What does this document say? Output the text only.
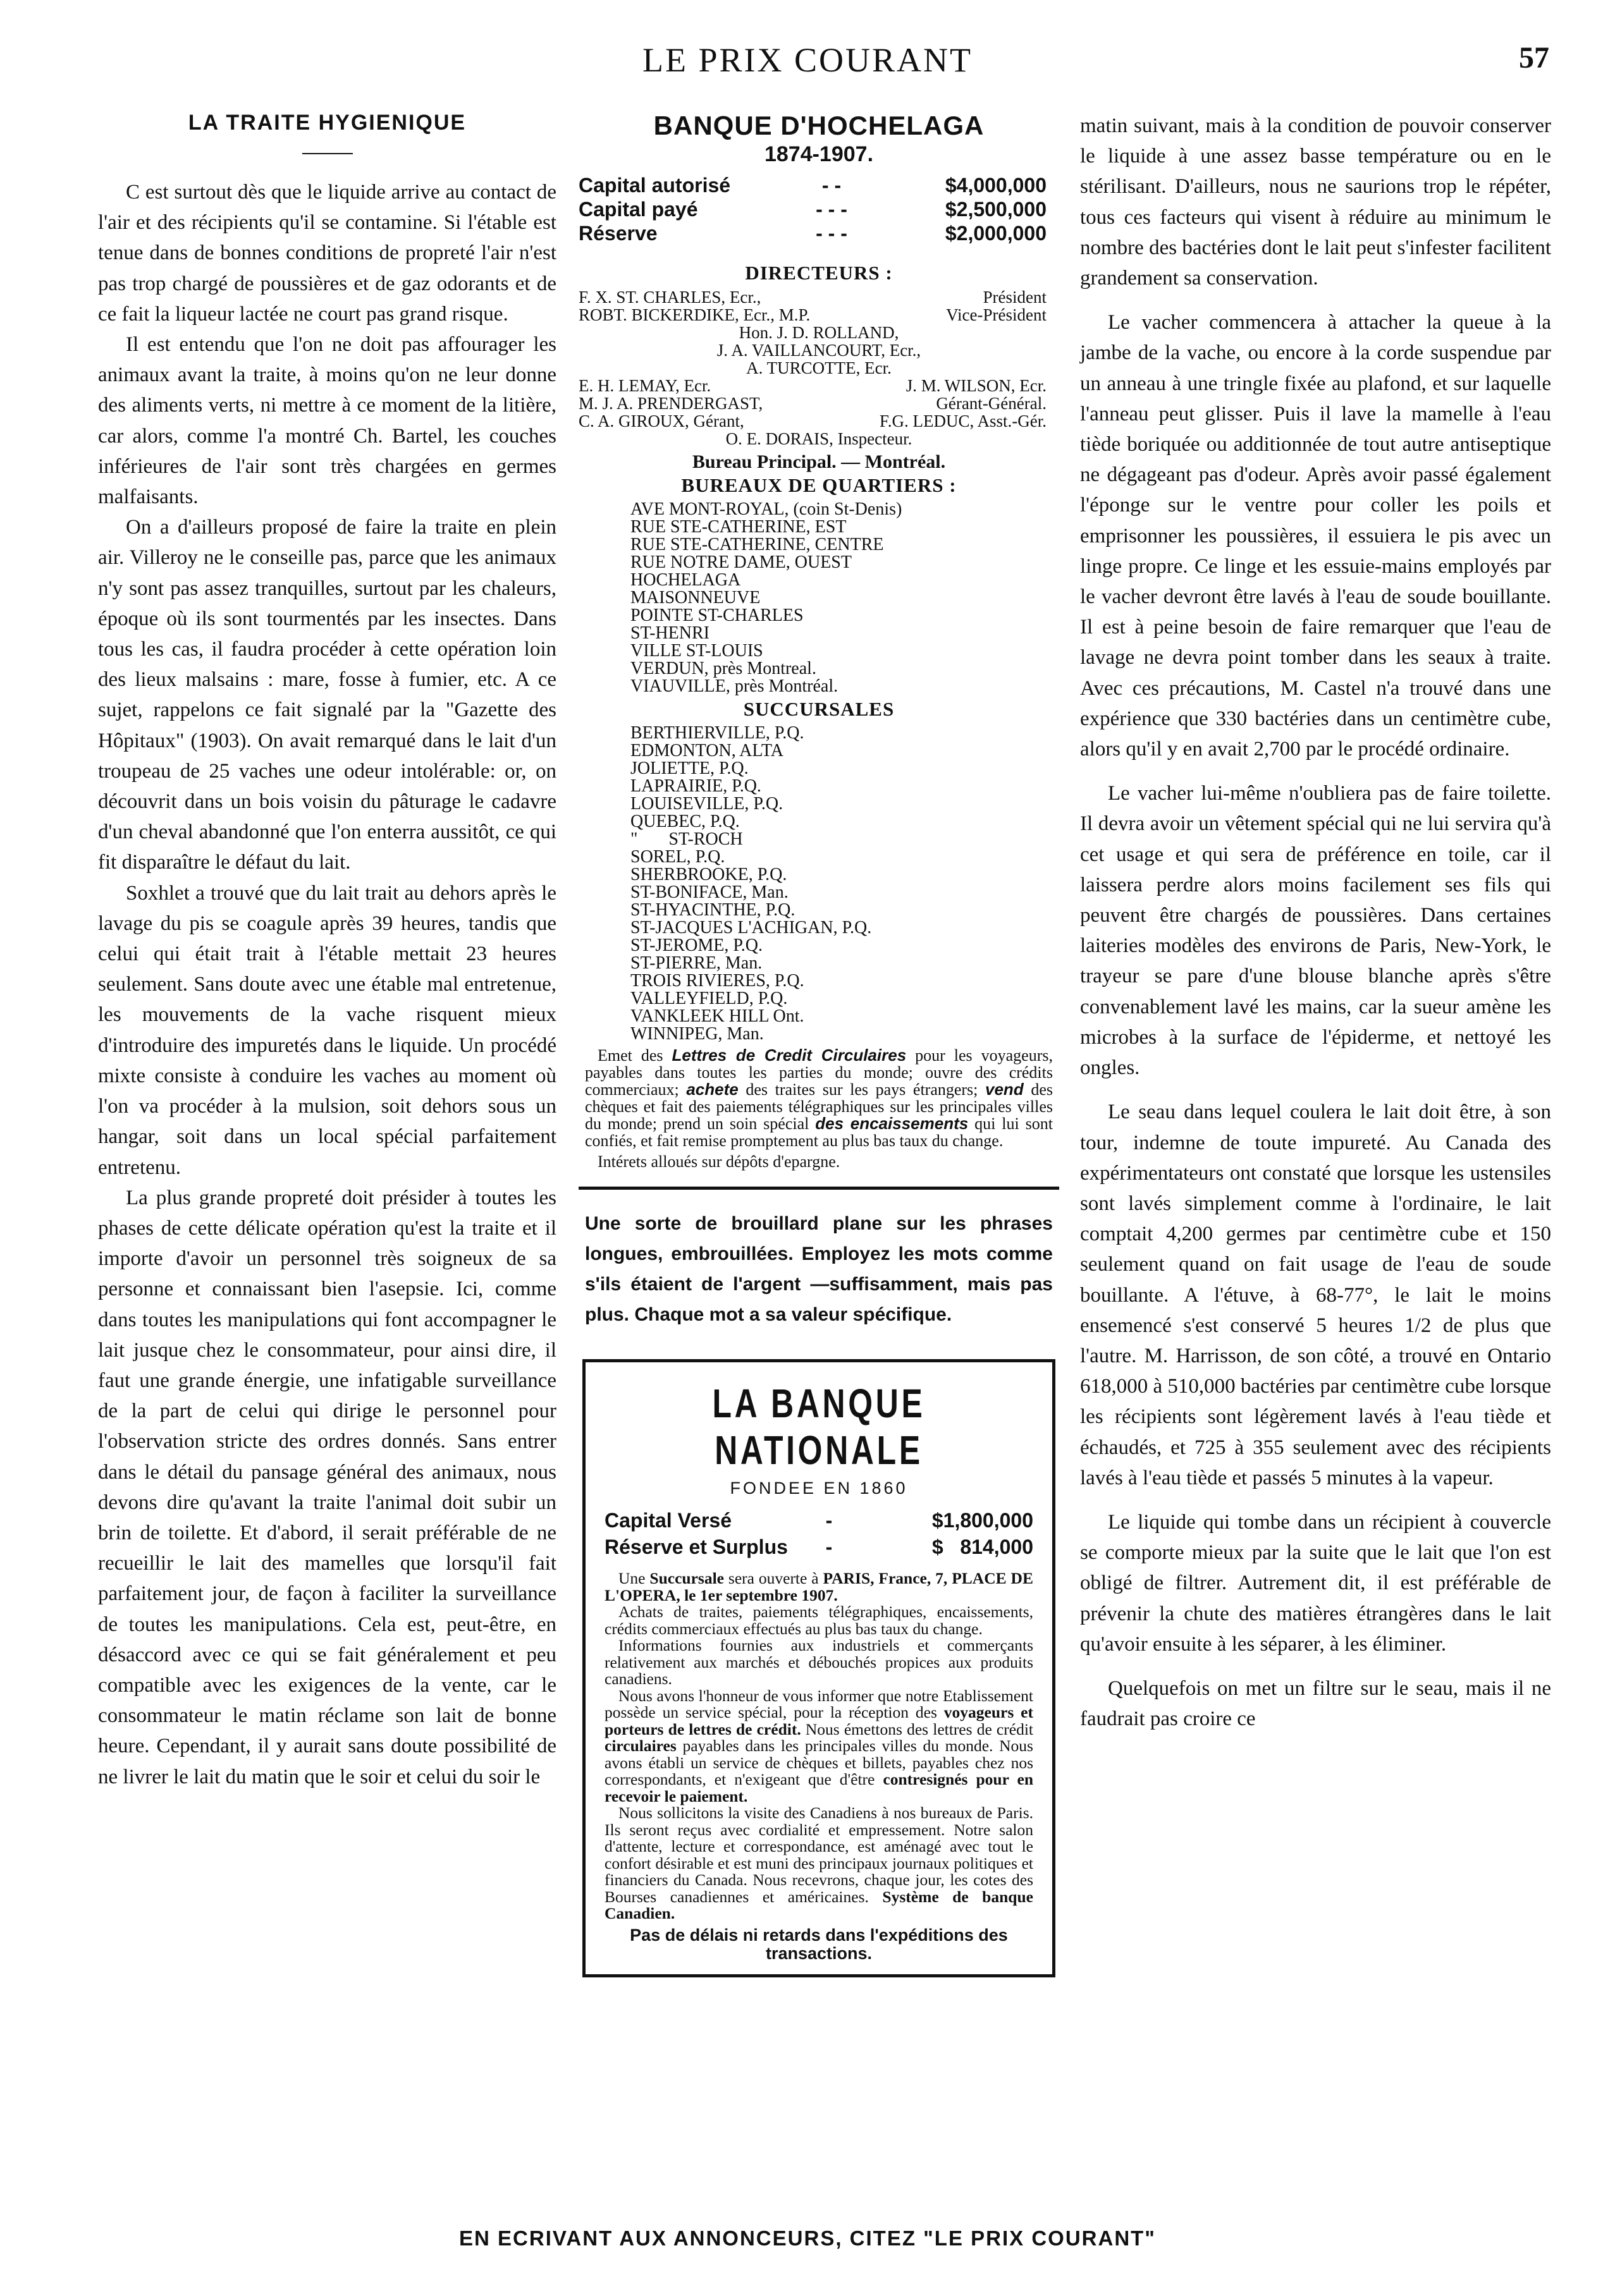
LE PRIX COURANT	57
LA TRAITE HYGIENIQUE

C est surtout dès que le liquide arrive au contact de l'air et des récipients qu'il se contamine. Si l'étable est tenue dans de bonnes conditions de propreté l'air n'est pas trop chargé de poussières et de gaz odorants et de ce fait la liqueur lactée ne court pas grand risque.

Il est entendu que l'on ne doit pas affourager les animaux avant la traite, à moins qu'on ne leur donne des aliments verts, ni mettre à ce moment de la litière, car alors, comme l'a montré Ch. Bartel, les couches inférieures de l'air sont très chargées en germes malfaisants.

On a d'ailleurs proposé de faire la traite en plein air. Villeroy ne le conseille pas, parce que les animaux n'y sont pas assez tranquilles, surtout par les chaleurs, époque où ils sont tourmentés par les insectes. Dans tous les cas, il faudra procéder à cette opération loin des lieux malsains : mare, fosse à fumier, etc. A ce sujet, rappelons ce fait signalé par la "Gazette des Hôpitaux" (1903). On avait remarqué dans le lait d'un troupeau de 25 vaches une odeur intolérable: or, on découvrit dans un bois voisin du pâturage le cadavre d'un cheval abandonné que l'on enterra aussitôt, ce qui fit disparaître le défaut du lait.

Soxhlet a trouvé que du lait trait au dehors après le lavage du pis se coagule après 39 heures, tandis que celui qui était trait à l'étable mettait 23 heures seulement. Sans doute avec une étable mal entretenue, les mouvements de la vache risquent mieux d'introduire des impuretés dans le liquide. Un procédé mixte consiste à conduire les vaches au moment où l'on va procéder à la mulsion, soit dehors sous un hangar, soit dans un local spécial parfaitement entretenu.

La plus grande propreté doit présider à toutes les phases de cette délicate opération qu'est la traite et il importe d'avoir un personnel très soigneux de sa personne et connaissant bien l'asepsie. Ici, comme dans toutes les manipulations qui font accompagner le lait jusque chez le consommateur, pour ainsi dire, il faut une grande énergie, une infatigable surveillance de la part de celui qui dirige le personnel pour l'observation stricte des ordres donnés. Sans entrer dans le détail du pansage général des animaux, nous devons dire qu'avant la traite l'animal doit subir un brin de toilette. Et d'abord, il serait préférable de ne recueillir le lait des mamelles que lorsqu'il fait parfaitement jour, de façon à faciliter la surveillance de toutes les manipulations. Cela est, peut-être, en désaccord avec ce qui se fait généralement et peu compatible avec les exigences de la vente, car le consommateur le matin réclame son lait de bonne heure. Cependant, il y aurait sans doute possibilité de ne livrer le lait du matin que le soir et celui du soir le

BANQUE D'HOCHELAGA
1874-1907.
Capital autorisé	- -	$4,000,000
Capital payé	- - -	$2,500,000
Réserve	- - -	$2,000,000
DIRECTEURS :
F. X. ST. CHARLES, Ecr.,	Président
ROBT. BICKERDIKE, Ecr., M.P.	Vice-Président
Hon. J. D. ROLLAND,
J. A. VAILLANCOURT, Ecr.,
A. TURCOTTE, Ecr.
E. H. LEMAY, Ecr.	J. M. WILSON, Ecr.
M. J. A. PRENDERGAST,	Gérant-Général.
C. A. GIROUX, Gérant,	F.G. LEDUC, Asst.-Gér.
O. E. DORAIS, Inspecteur.
Bureau Principal. — Montréal.
BUREAUX DE QUARTIERS :
AVE MONT-ROYAL, (coin St-Denis)
RUE STE-CATHERINE, EST
RUE STE-CATHERINE, CENTRE
RUE NOTRE DAME, OUEST
HOCHELAGA
MAISONNEUVE
POINTE ST-CHARLES
ST-HENRI
VILLE ST-LOUIS
VERDUN, près Montreal.
VIAUVILLE, près Montréal.
SUCCURSALES
BERTHIERVILLE, P.Q.
EDMONTON, ALTA
JOLIETTE, P.Q.
LAPRAIRIE, P.Q.
LOUISEVILLE, P.Q.
QUEBEC, P.Q.
"       ST-ROCH
SOREL, P.Q.
SHERBROOKE, P.Q.
ST-BONIFACE, Man.
ST-HYACINTHE, P.Q.
ST-JACQUES L'ACHIGAN, P.Q.
ST-JEROME, P.Q.
ST-PIERRE, Man.
TROIS RIVIERES, P.Q.
VALLEYFIELD, P.Q.
VANKLEEK HILL Ont.
WINNIPEG, Man.
Emet des Lettres de Credit Circulaires pour les voyageurs, payables dans toutes les parties du monde; ouvre des crédits commerciaux; achete des traites sur les pays étrangers; vend des chèques et fait des paiements télégraphiques sur les principales villes du monde; prend un soin spécial des encaissements qui lui sont confiés, et fait remise promptement au plus bas taux du change.
Intérets alloués sur dépôts d'epargne.
Une sorte de brouillard plane sur les phrases longues, embrouillées. Employez les mots comme s'ils étaient de l'argent —suffisamment, mais pas plus. Chaque mot a sa valeur spécifique.
LA BANQUE NATIONALE
FONDEE EN 1860
Capital Versé	-	$1,800,000
Réserve et Surplus	-	$   814,000

Une Succursale sera ouverte à PARIS, France, 7, PLACE DE L'OPERA, le 1er septembre 1907.

Achats de traites, paiements télégraphiques, encaissements, crédits commerciaux effectués au plus bas taux du change.

Informations fournies aux industriels et commerçants relativement aux marchés et débouchés propices aux produits canadiens.

Nous avons l'honneur de vous informer que notre Etablissement possède un service spécial, pour la réception des voyageurs et porteurs de lettres de crédit. Nous émettons des lettres de crédit circulaires payables dans les principales villes du monde. Nous avons établi un service de chèques et billets, payables chez nos correspondants, et n'exigeant que d'être contresignés pour en recevoir le paiement.

Nous sollicitons la visite des Canadiens à nos bureaux de Paris. Ils seront reçus avec cordialité et empressement. Notre salon d'attente, lecture et correspondance, est aménagé avec tout le confort désirable et est muni des principaux journaux politiques et financiers du Canada. Nous recevrons, chaque jour, les cotes des Bourses canadiennes et américaines. Système de banque Canadien.

Pas de délais ni retards dans l'expéditions des transactions.

matin suivant, mais à la condition de pouvoir conserver le liquide à une assez basse température ou en le stérilisant. D'ailleurs, nous ne saurions trop le répéter, tous ces facteurs qui visent à réduire au minimum le nombre des bactéries dont le lait peut s'infester facilitent grandement sa conservation.

Le vacher commencera à attacher la queue à la jambe de la vache, ou encore à la corde suspendue par un anneau à une tringle fixée au plafond, et sur laquelle l'anneau peut glisser. Puis il lave la mamelle à l'eau tiède boriquée ou additionnée de tout autre antiseptique ne dégageant pas d'odeur. Après avoir passé également l'éponge sur le ventre pour coller les poils et emprisonner les poussières, il essuiera le pis avec un linge propre. Ce linge et les essuie-mains employés par le vacher devront être lavés à l'eau de soude bouillante. Il est à peine besoin de faire remarquer que l'eau de lavage ne devra point tomber dans les seaux à traite. Avec ces précautions, M. Castel n'a trouvé dans une expérience que 330 bactéries dans un centimètre cube, alors qu'il y en avait 2,700 par le procédé ordinaire.

Le vacher lui-même n'oubliera pas de faire toilette. Il devra avoir un vêtement spécial qui ne lui servira qu'à cet usage et qui sera de préférence en toile, car il laissera perdre alors moins facilement ses fils qui peuvent être chargés de poussières. Dans certaines laiteries modèles des environs de Paris, New-York, le trayeur se pare d'une blouse blanche après s'être convenablement lavé les mains, car la sueur amène les microbes à la surface de l'épiderme, et nettoyé les ongles.

Le seau dans lequel coulera le lait doit être, à son tour, indemne de toute impureté. Au Canada des expérimentateurs ont constaté que lorsque les ustensiles sont lavés simplement comme à l'ordinaire, le lait comptait 4,200 germes par centimètre cube et 150 seulement quand on fait usage de l'eau de soude bouillante. A l'étuve, à 68-77°, le lait le moins ensemencé s'est conservé 5 heures 1/2 de plus que l'autre. M. Harrisson, de son côté, a trouvé en Ontario 618,000 à 510,000 bactéries par centimètre cube lorsque les récipients sont légèrement lavés à l'eau tiède et échaudés, et 725 à 355 seulement avec des récipients lavés à l'eau tiède et passés 5 minutes à la vapeur.

Le liquide qui tombe dans un récipient à couvercle se comporte mieux par la suite que le lait que l'on est obligé de filtrer. Autrement dit, il est préférable de prévenir la chute des matières étrangères dans le lait qu'avoir ensuite à les séparer, à les éliminer.

Quelquefois on met un filtre sur le seau, mais il ne faudrait pas croire ce

EN ECRIVANT AUX ANNONCEURS, CITEZ "LE PRIX COURANT"
